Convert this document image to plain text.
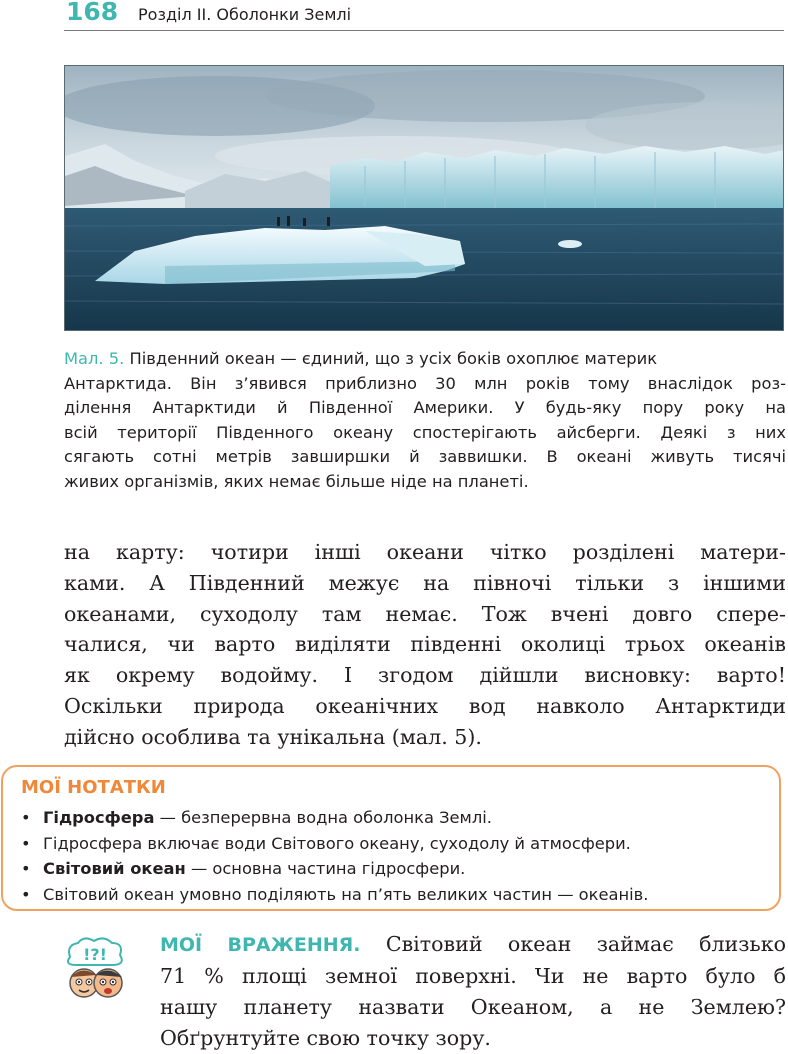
168 Розділ ІІ. Оболонки Землі
Мал. 5. Південний океан — єдиний, що з усіх боків охоплює материк
Антарктида. Він з’явився приблизно 30 млн років тому внаслідок роз-
ділення Антарктиди й Південної Америки. У будь-яку пору року на
всій території Південного океану спостерігають айсберги. Деякі з них
сягають сотні метрів завширшки й заввишки. В океані живуть тисячі
живих організмів, яких немає більше ніде на планеті.
на карту: чотири інші океани чітко розділені матери-
ками. А Південний межує на півночі тільки з іншими
океанами, суходолу там немає. Тож вчені довго спере-
чалися, чи варто виділяти південні околиці трьох океанів
як окрему водойму. І згодом дійшли висновку: варто!
Оскільки природа океанічних вод навколо Антарктиди
дійсно особлива та унікальна (мал. 5).
МОЇ НОТАТКИ
• Гідросфера — безперервна водна оболонка Землі.
• Гідросфера включає води Світового океану, суходолу й атмосфери.
• Світовий океан — основна частина гідросфери.
• Світовий океан умовно поділяють на п’ять великих частин — океанів.
!?!	МОЇ ВРАЖЕННЯ. Світовий океан займає близько
71 % площі земної поверхні. Чи не варто було б
нашу планету назвати Океаном, а не Землею?
Обґрунтуйте свою точку зору.
